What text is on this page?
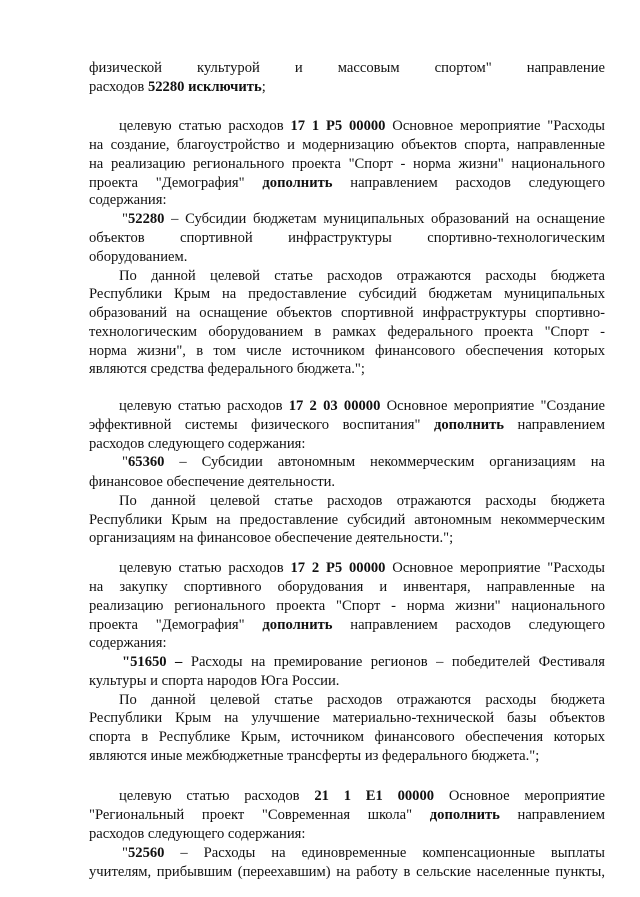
физической культурой и массовым спортом" направление
расходов 52280 исключить;
целевую статью расходов 17 1 P5 00000 Основное мероприятие "Расходы
на создание, благоустройство и модернизацию объектов спорта, направленные
на реализацию регионального проекта "Спорт - норма жизни" национального
проекта "Демография" дополнить направлением расходов следующего
содержания:
"52280 – Субсидии бюджетам муниципальных образований на оснащение
объектов спортивной инфраструктуры спортивно-технологическим
оборудованием.
По данной целевой статье расходов отражаются расходы бюджета
Республики Крым на предоставление субсидий бюджетам муниципальных
образований на оснащение объектов спортивной инфраструктуры спортивно-
технологическим оборудованием в рамках федерального проекта "Спорт -
норма жизни", в том числе источником финансового обеспечения которых
являются средства федерального бюджета.";
целевую статью расходов 17 2 03 00000 Основное мероприятие "Создание
эффективной системы физического воспитания" дополнить направлением
расходов следующего содержания:
"65360 – Субсидии автономным некоммерческим организациям на
финансовое обеспечение деятельности.
По данной целевой статье расходов отражаются расходы бюджета
Республики Крым на предоставление субсидий автономным некоммерческим
организациям на финансовое обеспечение деятельности.";
целевую статью расходов 17 2 P5 00000 Основное мероприятие "Расходы
на закупку спортивного оборудования и инвентаря, направленные на
реализацию регионального проекта "Спорт - норма жизни" национального
проекта "Демография" дополнить направлением расходов следующего
содержания:
"51650 – Расходы на премирование регионов – победителей Фестиваля
культуры и спорта народов Юга России.
По данной целевой статье расходов отражаются расходы бюджета
Республики Крым на улучшение материально-технической базы объектов
спорта в Республике Крым, источником финансового обеспечения которых
являются иные межбюджетные трансферты из федерального бюджета.";
целевую статью расходов 21 1 E1 00000 Основное мероприятие
"Региональный проект "Современная школа" дополнить направлением
расходов следующего содержания:
"52560 – Расходы на единовременные компенсационные выплаты
учителям, прибывшим (переехавшим) на работу в сельские населенные пункты,
